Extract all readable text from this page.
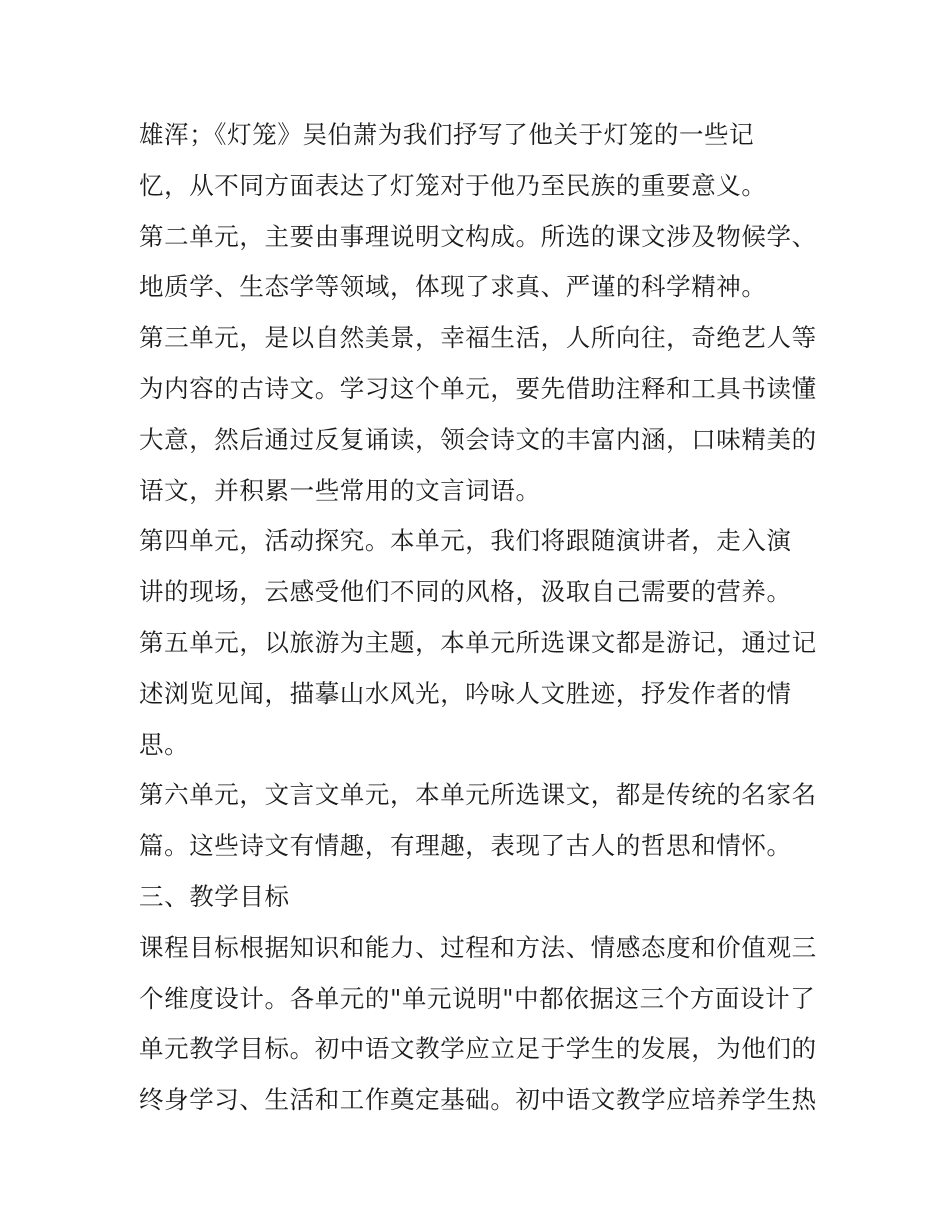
雄浑；《灯笼》吴伯萧为我们抒写了他关于灯笼的一些记
忆，从不同方面表达了灯笼对于他乃至民族的重要意义。
第二单元，主要由事理说明文构成。所选的课文涉及物候学、
地质学、生态学等领域，体现了求真、严谨的科学精神。
第三单元，是以自然美景，幸福生活，人所向往，奇绝艺人等
为内容的古诗文。学习这个单元，要先借助注释和工具书读懂
大意，然后通过反复诵读，领会诗文的丰富内涵，口味精美的
语文，并积累一些常用的文言词语。
第四单元，活动探究。本单元，我们将跟随演讲者，走入演
讲的现场，云感受他们不同的风格，汲取自己需要的营养。
第五单元，以旅游为主题，本单元所选课文都是游记，通过记
述浏览见闻，描摹山水风光，吟咏人文胜迹，抒发作者的情
思。
第六单元，文言文单元，本单元所选课文，都是传统的名家名
篇。这些诗文有情趣，有理趣，表现了古人的哲思和情怀。
三、教学目标
课程目标根据知识和能力、过程和方法、情感态度和价值观三
个维度设计。各单元的"单元说明"中都依据这三个方面设计了
单元教学目标。初中语文教学应立足于学生的发展，为他们的
终身学习、生活和工作奠定基础。初中语文教学应培养学生热
